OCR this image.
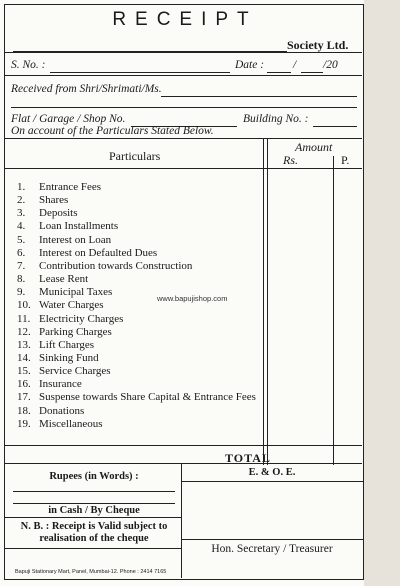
RECEIPT
Society Ltd.
S. No. :	Date :	/ /20
Received from Shri/Shrimati/Ms.
Flat / Garage / Shop No.	Building No. :
On account of the Particulars Stated Below.
Particulars
Amount
Rs.	P.
1. Entrance Fees
2. Shares
3. Deposits
4. Loan Installments
5. Interest on Loan
6. Interest on Defaulted Dues
7. Contribution towards Construction
8. Lease Rent
9. Municipal Taxes
10. Water Charges
11. Electricity Charges
12. Parking Charges
13. Lift Charges
14. Sinking Fund
15. Service Charges
16. Insurance
17. Suspense towards Share Capital & Entrance Fees
18. Donations
19. Miscellaneous
www.bapujishop.com
TOTAL
Rupees (in Words) :
in Cash / By Cheque
N. B. : Receipt is Valid subject to
realisation of the cheque
E. & O. E.
Hon. Secretary / Treasurer
Bapuji Stationary Mart, Panel, Mumbai-12. Phone : 2414 7165
